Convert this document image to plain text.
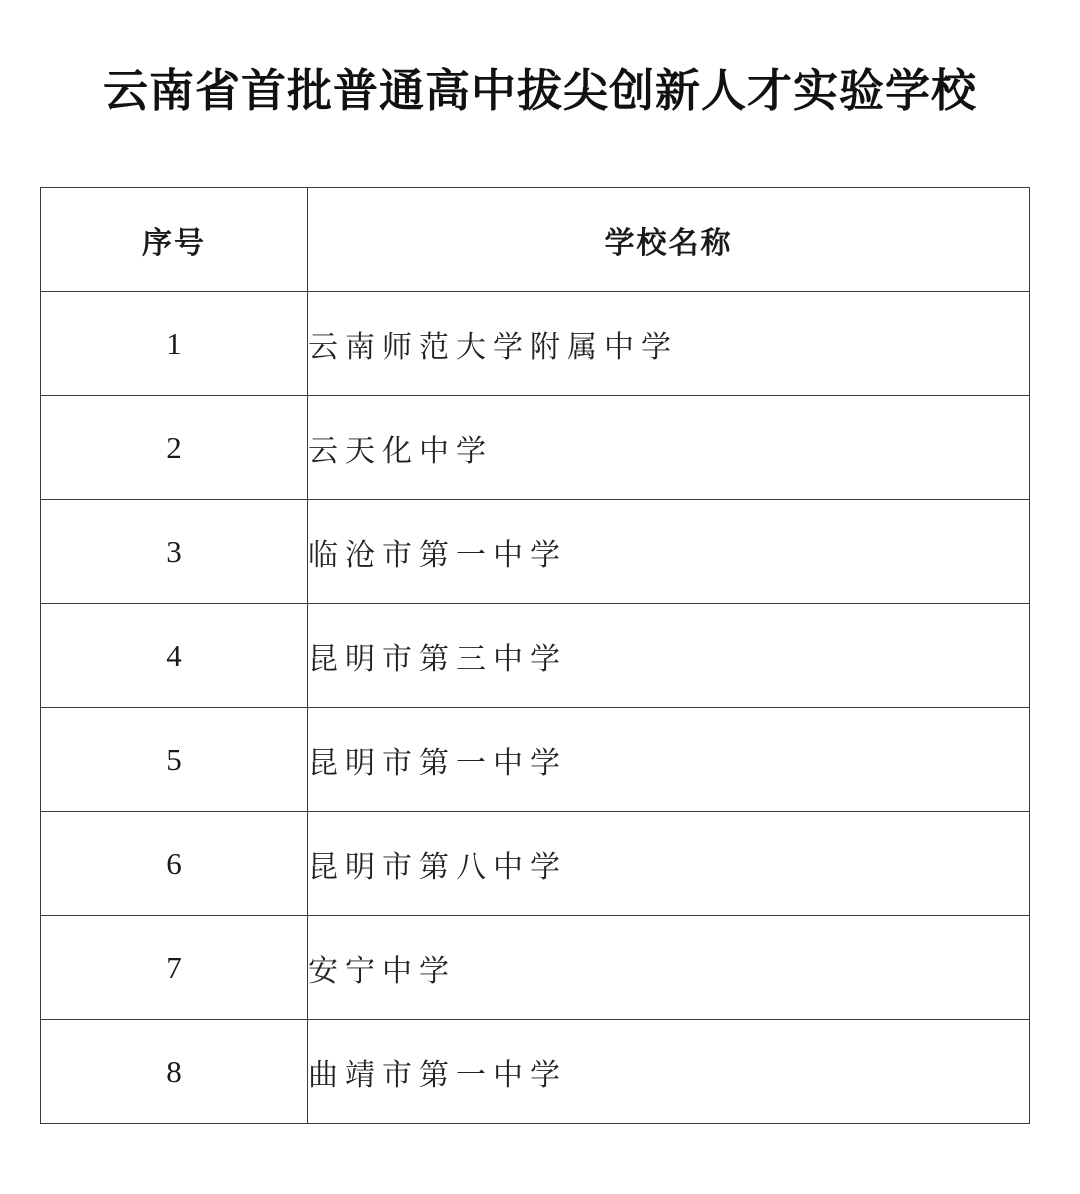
云南省首批普通高中拔尖创新人才实验学校
序号	学校名称
1	云南师范大学附属中学
2	云天化中学
3	临沧市第一中学
4	昆明市第三中学
5	昆明市第一中学
6	昆明市第八中学
7	安宁中学
8	曲靖市第一中学
